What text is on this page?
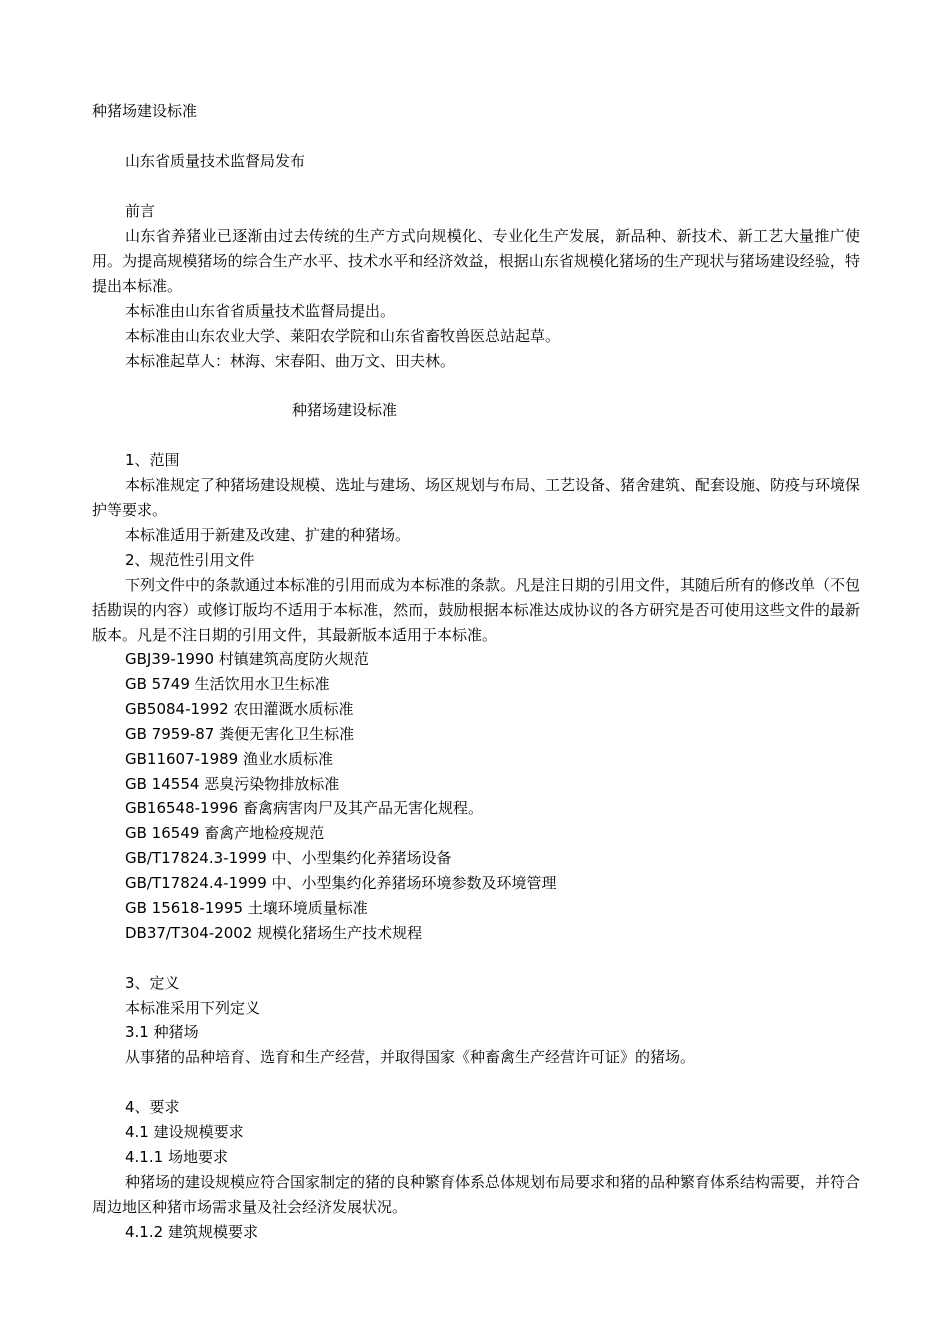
种猪场建设标准
山东省质量技术监督局发布
前言
山东省养猪业已逐渐由过去传统的生产方式向规模化、专业化生产发展，新品种、新技术、新工艺大量推广使用。为提高规模猪场的综合生产水平、技术水平和经济效益，根据山东省规模化猪场的生产现状与猪场建设经验，特提出本标准。
本标准由山东省省质量技术监督局提出。
本标准由山东农业大学、莱阳农学院和山东省畜牧兽医总站起草。
本标准起草人：林海、宋春阳、曲万文、田夫林。
种猪场建设标准
1、范围
本标准规定了种猪场建设规模、选址与建场、场区规划与布局、工艺设备、猪舍建筑、配套设施、防疫与环境保护等要求。
本标准适用于新建及改建、扩建的种猪场。
2、规范性引用文件
下列文件中的条款通过本标准的引用而成为本标准的条款。凡是注日期的引用文件，其随后所有的修改单（不包括勘误的内容）或修订版均不适用于本标准，然而，鼓励根据本标准达成协议的各方研究是否可使用这些文件的最新版本。凡是不注日期的引用文件，其最新版本适用于本标准。
GBJ39-1990 村镇建筑高度防火规范
GB 5749 生活饮用水卫生标准
GB5084-1992 农田灌溉水质标准
GB 7959-87 粪便无害化卫生标准
GB11607-1989 渔业水质标准
GB 14554 恶臭污染物排放标准
GB16548-1996 畜禽病害肉尸及其产品无害化规程。
GB 16549 畜禽产地检疫规范
GB/T17824.3-1999 中、小型集约化养猪场设备
GB/T17824.4-1999 中、小型集约化养猪场环境参数及环境管理
GB 15618-1995 土壤环境质量标准
DB37/T304-2002 规模化猪场生产技术规程
3、定义
本标准采用下列定义
3.1 种猪场
从事猪的品种培育、选育和生产经营，并取得国家《种畜禽生产经营许可证》的猪场。
4、要求
4.1 建设规模要求
4.1.1 场地要求
种猪场的建设规模应符合国家制定的猪的良种繁育体系总体规划布局要求和猪的品种繁育体系结构需要，并符合周边地区种猪市场需求量及社会经济发展状况。
4.1.2 建筑规模要求
